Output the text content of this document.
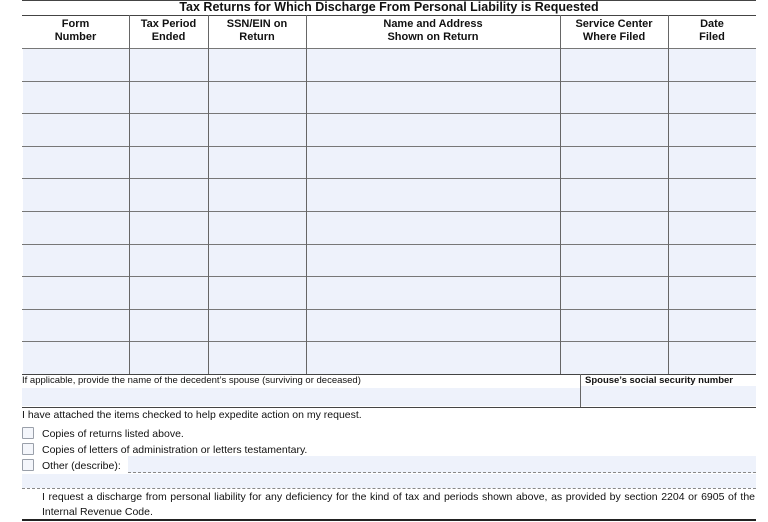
Tax Returns for Which Discharge From Personal Liability is Requested
Form
Number
Tax Period
Ended
SSN/EIN on
Return
Name and Address
Shown on Return
Service Center
Where Filed
Date
Filed
If applicable, provide the name of the decedent’s spouse (surviving or deceased)	Spouse’s social security number
I have attached the items checked to help expedite action on my request.
Copies of returns listed above.
Copies of letters of administration or letters testamentary.
Other (describe):
I request a discharge from personal liability for any deficiency for the kind of tax and periods shown above, as provided by section 2204 or 6905 of the Internal Revenue Code.
